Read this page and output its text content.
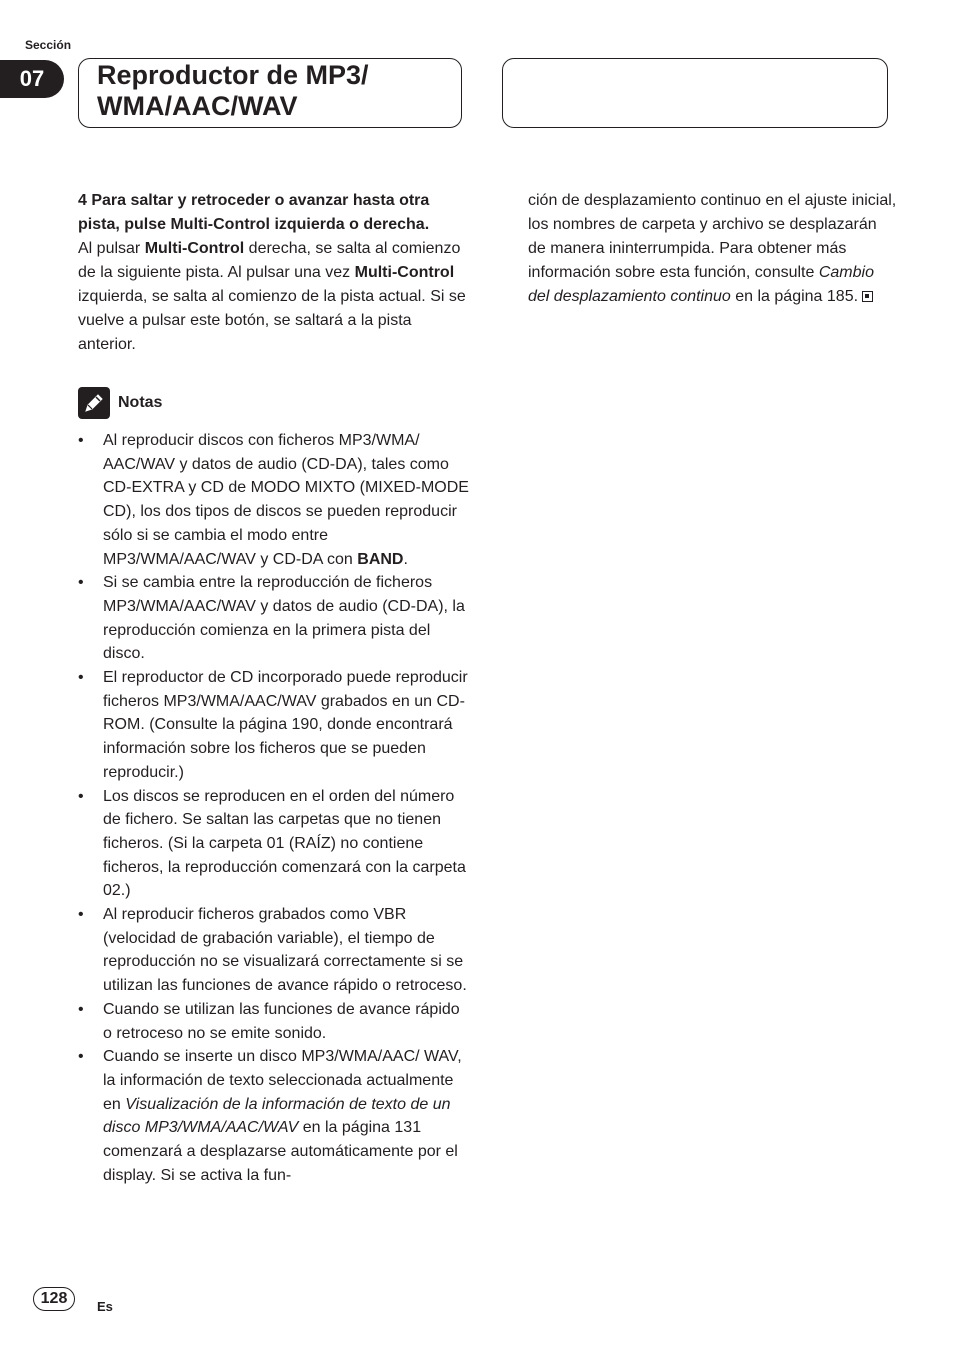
Sección
07	Reproductor de MP3/ WMA/AAC/WAV

4 Para saltar y retroceder o avanzar hasta otra pista, pulse Multi-Control izquierda o derecha.

Al pulsar Multi-Control derecha, se salta al comienzo de la siguiente pista. Al pulsar una vez Multi-Control izquierda, se salta al comienzo de la pista actual. Si se vuelve a pulsar este botón, se saltará a la pista anterior.

Notas
• Al reproducir discos con ficheros MP3/WMA/ AAC/WAV y datos de audio (CD-DA), tales como CD-EXTRA y CD de MODO MIXTO (MIXED-MODE CD), los dos tipos de discos se pueden reproducir sólo si se cambia el modo entre MP3/WMA/AAC/WAV y CD-DA con BAND.
• Si se cambia entre la reproducción de ficheros MP3/WMA/AAC/WAV y datos de audio (CD-DA), la reproducción comienza en la primera pista del disco.
• El reproductor de CD incorporado puede reproducir ficheros MP3/WMA/AAC/WAV grabados en un CD-ROM. (Consulte la página 190, donde encontrará información sobre los ficheros que se pueden reproducir.)
• Los discos se reproducen en el orden del número de fichero. Se saltan las carpetas que no tienen ficheros. (Si la carpeta 01 (RAÍZ) no contiene ficheros, la reproducción comenzará con la carpeta 02.)
• Al reproducir ficheros grabados como VBR (velocidad de grabación variable), el tiempo de reproducción no se visualizará correctamente si se utilizan las funciones de avance rápido o retroceso.
• Cuando se utilizan las funciones de avance rápido o retroceso no se emite sonido.
• Cuando se inserte un disco MP3/WMA/AAC/ WAV, la información de texto seleccionada actualmente en Visualización de la información de texto de un disco MP3/WMA/AAC/WAV en la página 131 comenzará a desplazarse automáticamente por el display. Si se activa la fun-

ción de desplazamiento continuo en el ajuste inicial, los nombres de carpeta y archivo se desplazarán de manera ininterrumpida. Para obtener más información sobre esta función, consulte Cambio del desplazamiento continuo en la página 185.

128	Es
